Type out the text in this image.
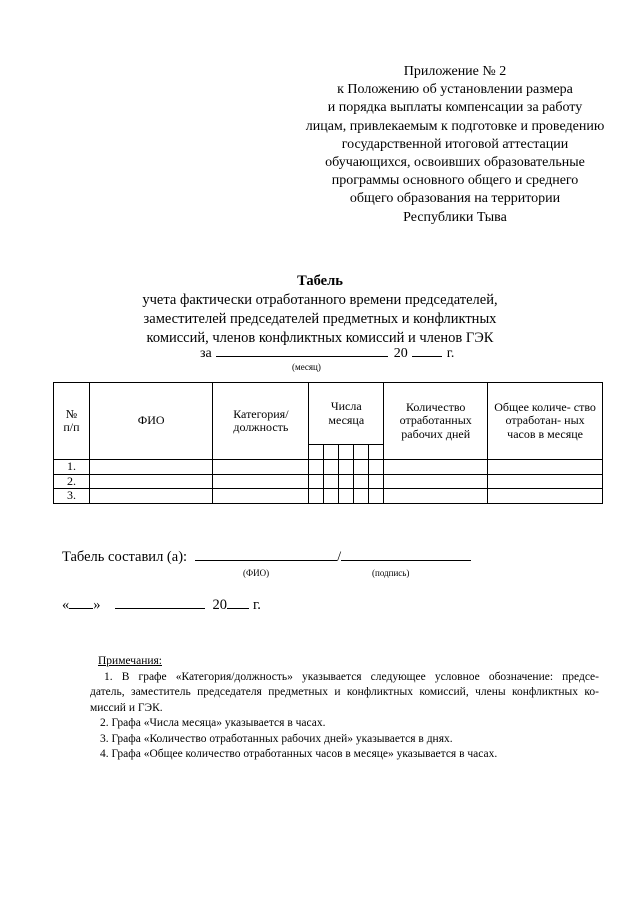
Приложение № 2
к Положению об установлении размера
и порядка выплаты компенсации за работу
лицам, привлекаемым к подготовке и проведению
государственной итоговой аттестации
обучающихся, освоивших образовательные
программы основного общего и среднего
общего образования на территории
Республики Тыва
Табель
учета фактически отработанного времени председателей,
заместителей председателей предметных и конфликтных
комиссий, членов конфликтных комиссий и членов ГЭК
за	20	г.
(месяц)
№ п/п	ФИО	Категория/ должность	Числа месяца					Количество отработанных рабочих дней	Общее количе- ство отработан- ных часов в месяце

1.									
2.									
3.									
Табель составил (а):	/
(ФИО)	(подпись)
« »	20 г.
Примечания:

1. В графе «Категория/должность» указывается следующее условное обозначение: предсе-

датель, заместитель председателя предметных и конфликтных комиссий, члены конфликтных ко-

миссий и ГЭК.

2. Графа «Числа месяца» указывается в часах.

3. Графа «Количество отработанных рабочих дней» указывается в днях.

4. Графа «Общее количество отработанных часов в месяце» указывается в часах.
